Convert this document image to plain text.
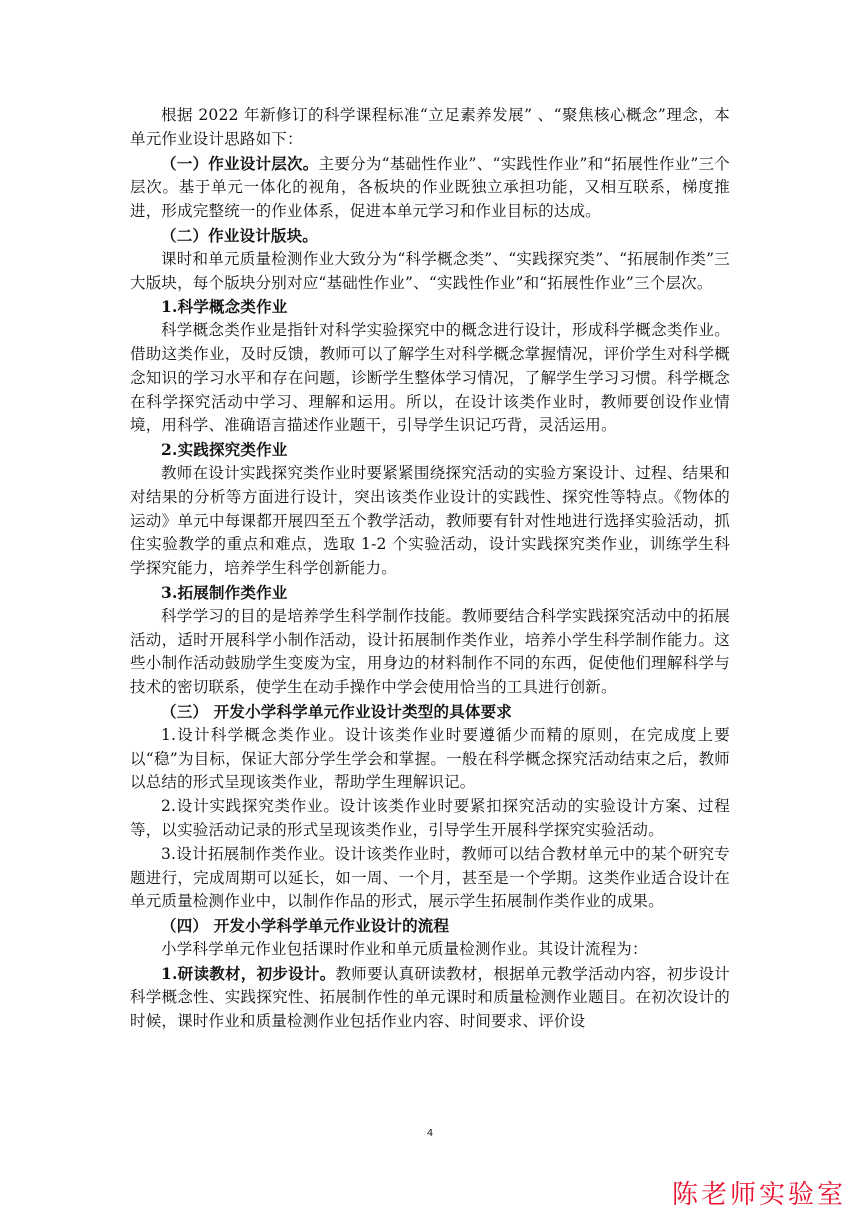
根据 2022 年新修订的科学课程标准“立足素养发展” 、“聚焦核心概念”理念，本单元作业设计思路如下：

（一）作业设计层次。主要分为“基础性作业”、“实践性作业”和“拓展性作业”三个层次。基于单元一体化的视角，各板块的作业既独立承担功能，又相互联系，梯度推进，形成完整统一的作业体系，促进本单元学习和作业目标的达成。

（二）作业设计版块。

课时和单元质量检测作业大致分为“科学概念类”、“实践探究类”、“拓展制作类”三大版块，每个版块分别对应“基础性作业”、“实践性作业”和“拓展性作业”三个层次。

1.科学概念类作业

科学概念类作业是指针对科学实验探究中的概念进行设计，形成科学概念类作业。借助这类作业，及时反馈，教师可以了解学生对科学概念掌握情况，评价学生对科学概念知识的学习水平和存在问题，诊断学生整体学习情况，了解学生学习习惯。科学概念在科学探究活动中学习、理解和运用。所以，在设计该类作业时，教师要创设作业情境，用科学、准确语言描述作业题干，引导学生识记巧背，灵活运用。

2.实践探究类作业

教师在设计实践探究类作业时要紧紧围绕探究活动的实验方案设计、过程、结果和对结果的分析等方面进行设计，突出该类作业设计的实践性、探究性等特点。《物体的运动》单元中每课都开展四至五个教学活动，教师要有针对性地进行选择实验活动，抓住实验教学的重点和难点，选取 1-2 个实验活动，设计实践探究类作业，训练学生科学探究能力，培养学生科学创新能力。

3.拓展制作类作业

科学学习的目的是培养学生科学制作技能。教师要结合科学实践探究活动中的拓展活动，适时开展科学小制作活动，设计拓展制作类作业，培养小学生科学制作能力。这些小制作活动鼓励学生变废为宝，用身边的材料制作不同的东西，促使他们理解科学与技术的密切联系，使学生在动手操作中学会使用恰当的工具进行创新。

（三） 开发小学科学单元作业设计类型的具体要求

1.设计科学概念类作业。设计该类作业时要遵循少而精的原则，在完成度上要以“稳”为目标，保证大部分学生学会和掌握。一般在科学概念探究活动结束之后，教师以总结的形式呈现该类作业，帮助学生理解识记。

2.设计实践探究类作业。设计该类作业时要紧扣探究活动的实验设计方案、过程等，以实验活动记录的形式呈现该类作业，引导学生开展科学探究实验活动。

3.设计拓展制作类作业。设计该类作业时，教师可以结合教材单元中的某个研究专题进行，完成周期可以延长，如一周、一个月，甚至是一个学期。这类作业适合设计在单元质量检测作业中，以制作作品的形式，展示学生拓展制作类作业的成果。

（四） 开发小学科学单元作业设计的流程

小学科学单元作业包括课时作业和单元质量检测作业。其设计流程为：

1.研读教材，初步设计。教师要认真研读教材，根据单元教学活动内容，初步设计科学概念性、实践探究性、拓展制作性的单元课时和质量检测作业题目。在初次设计的时候，课时作业和质量检测作业包括作业内容、时间要求、评价设

4
陈老师实验室
